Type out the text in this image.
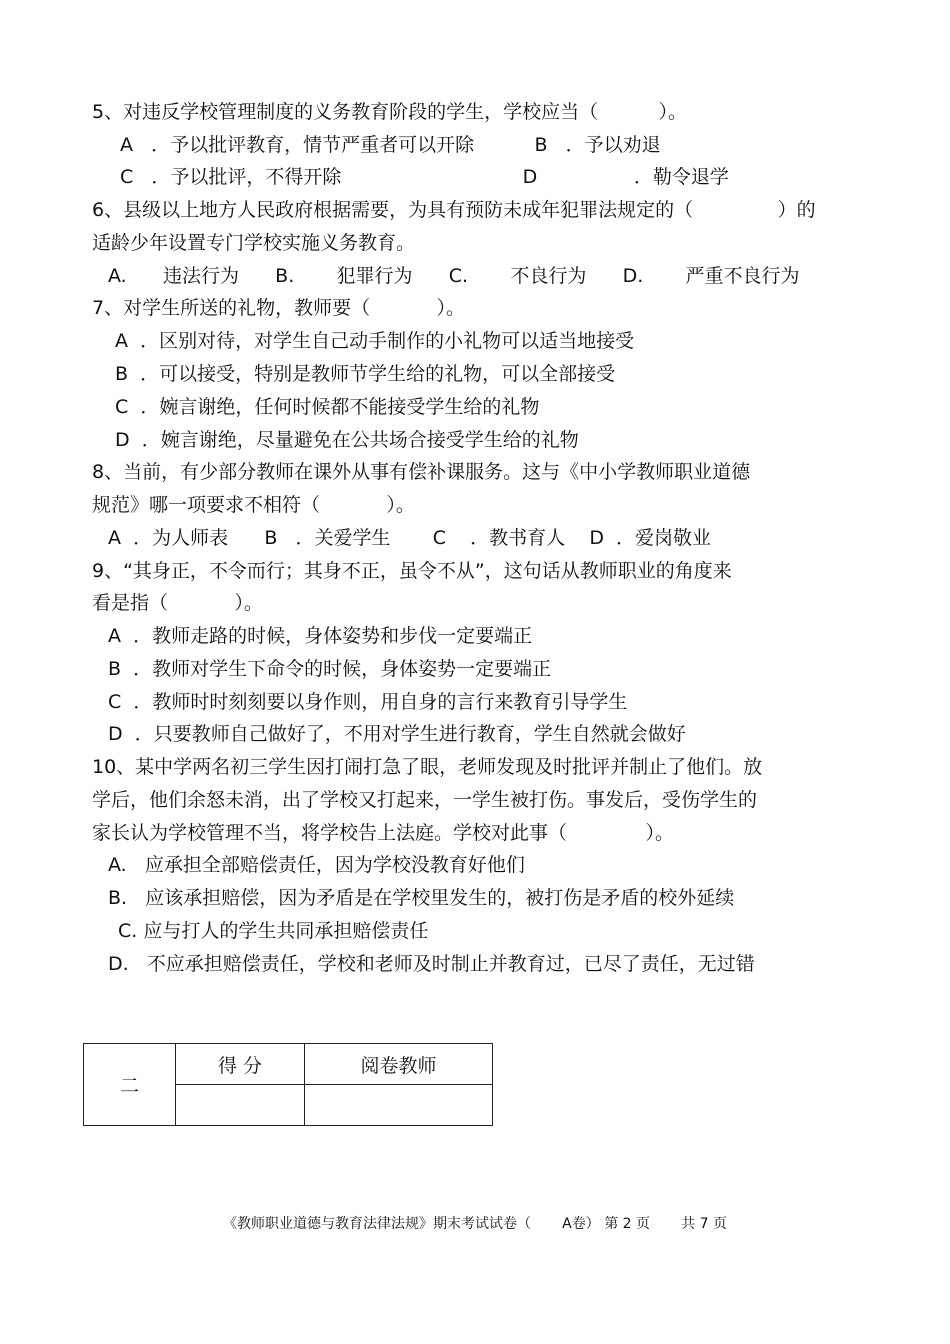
5、对违反学校管理制度的义务教育阶段的学生，学校应当（          ）。
A   ．予以批评教育，情节严重者可以开除          B   ．予以劝退
C   ．予以批评，不得开除                              D                ．勒令退学
6、县级以上地方人民政府根据需要，为具有预防未成年犯罪法规定的（              ）的
适龄少年设置专门学校实施义务教育。
A.      违法行为      B.       犯罪行为      C.       不良行为      D.       严重不良行为
7、对学生所送的礼物，教师要（           ）。
A  ．区别对待，对学生自己动手制作的小礼物可以适当地接受
B  ．可以接受，特别是教师节学生给的礼物，可以全部接受
C  ．婉言谢绝，任何时候都不能接受学生给的礼物
D  ．婉言谢绝，尽量避免在公共场合接受学生给的礼物
8、当前，有少部分教师在课外从事有偿补课服务。这与《中小学教师职业道德
规范》哪一项要求不相符（           ）。
A  ．为人师表      B   ．关爱学生       C    ．教书育人    D  ．爱岗敬业
9、“其身正，不令而行；其身不正，虽令不从”，这句话从教师职业的角度来
看是指（           ）。
A  ．教师走路的时候，身体姿势和步伐一定要端正
B  ．教师对学生下命令的时候，身体姿势一定要端正
C  ．教师时时刻刻要以身作则，用自身的言行来教育引导学生
D  ．只要教师自己做好了，不用对学生进行教育，学生自然就会做好
10、某中学两名初三学生因打闹打急了眼，老师发现及时批评并制止了他们。放
学后，他们余怒未消，出了学校又打起来，一学生被打伤。事发后，受伤学生的
家长认为学校管理不当，将学校告上法庭。学校对此事（             ）。
A.   应承担全部赔偿责任，因为学校没教育好他们
B.   应该承担赔偿，因为矛盾是在学校里发生的，被打伤是矛盾的校外延续
C. 应与打人的学生共同承担赔偿责任
D.   不应承担赔偿责任，学校和老师及时制止并教育过，已尽了责任，无过错
二	得 分	阅卷教师

《教师职业道德与教育法律法规》期末考试试卷（       A卷） 第 2 页       共 7 页
